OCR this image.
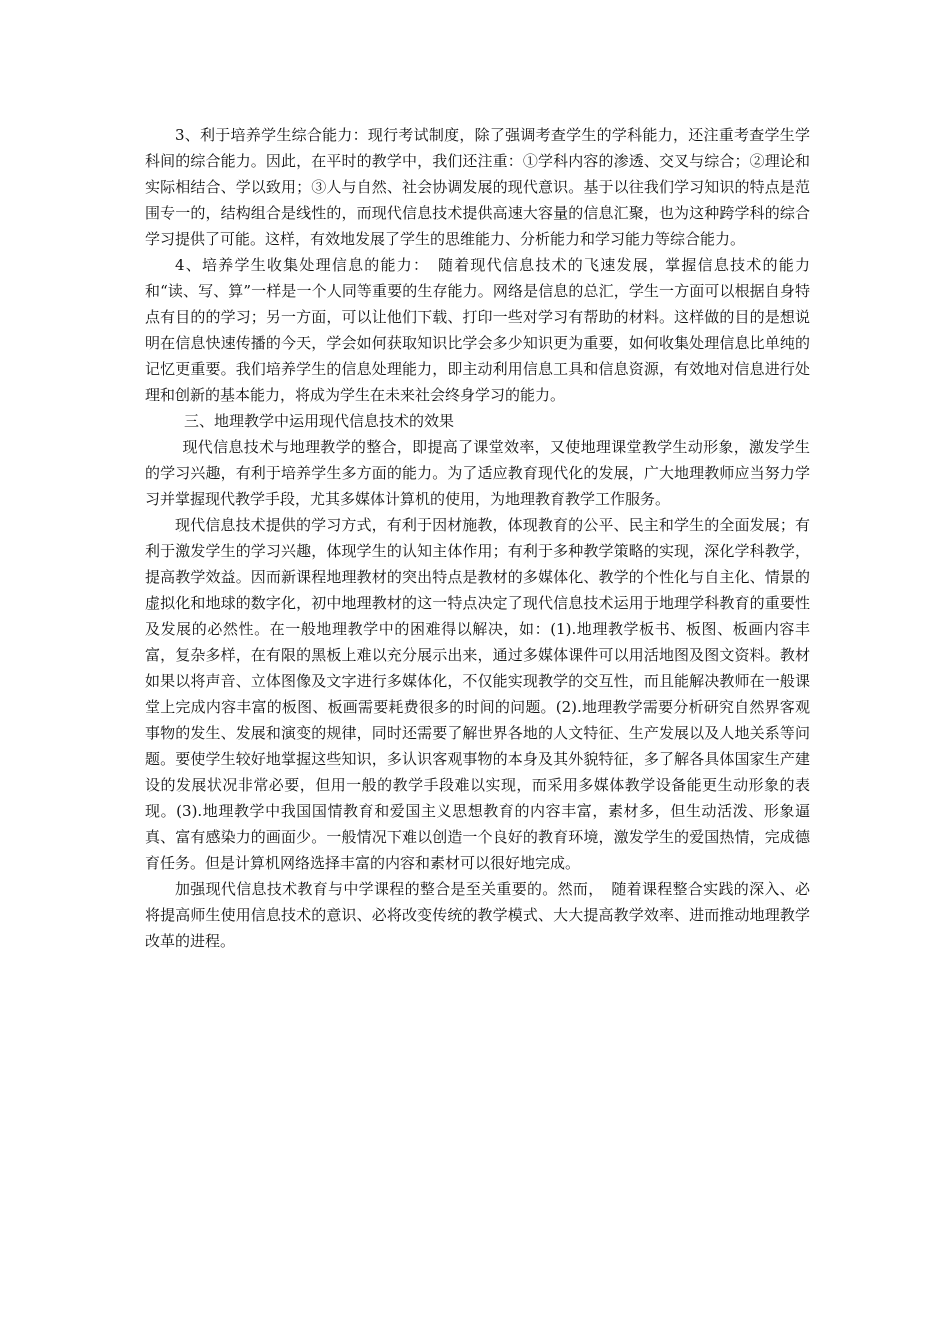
3、利于培养学生综合能力：现行考试制度，除了强调考查学生的学科能力，还注重考查学生学科间的综合能力。因此，在平时的教学中，我们还注重：①学科内容的渗透、交叉与综合；②理论和实际相结合、学以致用；③人与自然、社会协调发展的现代意识。基于以往我们学习知识的特点是范围专一的，结构组合是线性的，而现代信息技术提供高速大容量的信息汇聚，也为这种跨学科的综合学习提供了可能。这样，有效地发展了学生的思维能力、分析能力和学习能力等综合能力。

4、培养学生收集处理信息的能力：　随着现代信息技术的飞速发展，掌握信息技术的能力和“读、写、算”一样是一个人同等重要的生存能力。网络是信息的总汇，学生一方面可以根据自身特点有目的的学习；另一方面，可以让他们下载、打印一些对学习有帮助的材料。这样做的目的是想说明在信息快速传播的今天，学会如何获取知识比学会多少知识更为重要，如何收集处理信息比单纯的记忆更重要。我们培养学生的信息处理能力，即主动利用信息工具和信息资源，有效地对信息进行处理和创新的基本能力，将成为学生在未来社会终身学习的能力。

三、地理教学中运用现代信息技术的效果

现代信息技术与地理教学的整合，即提高了课堂效率，又使地理课堂教学生动形象，激发学生的学习兴趣，有利于培养学生多方面的能力。为了适应教育现代化的发展，广大地理教师应当努力学习并掌握现代教学手段，尤其多媒体计算机的使用，为地理教育教学工作服务。

现代信息技术提供的学习方式，有利于因材施教，体现教育的公平、民主和学生的全面发展；有利于激发学生的学习兴趣，体现学生的认知主体作用；有利于多种教学策略的实现，深化学科教学，提高教学效益。因而新课程地理教材的突出特点是教材的多媒体化、教学的个性化与自主化、情景的虚拟化和地球的数字化，初中地理教材的这一特点决定了现代信息技术运用于地理学科教育的重要性及发展的必然性。在一般地理教学中的困难得以解决，如：(1).地理教学板书、板图、板画内容丰富，复杂多样，在有限的黑板上难以充分展示出来，通过多媒体课件可以用活地图及图文资料。教材如果以将声音、立体图像及文字进行多媒体化，不仅能实现教学的交互性，而且能解决教师在一般课堂上完成内容丰富的板图、板画需要耗费很多的时间的问题。(2).地理教学需要分析研究自然界客观事物的发生、发展和演变的规律，同时还需要了解世界各地的人文特征、生产发展以及人地关系等问题。要使学生较好地掌握这些知识，多认识客观事物的本身及其外貌特征，多了解各具体国家生产建设的发展状况非常必要，但用一般的教学手段难以实现，而采用多媒体教学设备能更生动形象的表现。(3).地理教学中我国国情教育和爱国主义思想教育的内容丰富，素材多，但生动活泼、形象逼真、富有感染力的画面少。一般情况下难以创造一个良好的教育环境，激发学生的爱国热情，完成德育任务。但是计算机网络选择丰富的内容和素材可以很好地完成。

加强现代信息技术教育与中学课程的整合是至关重要的。然而，　随着课程整合实践的深入、必将提高师生使用信息技术的意识、必将改变传统的教学模式、大大提高教学效率、进而推动地理教学改革的进程。
